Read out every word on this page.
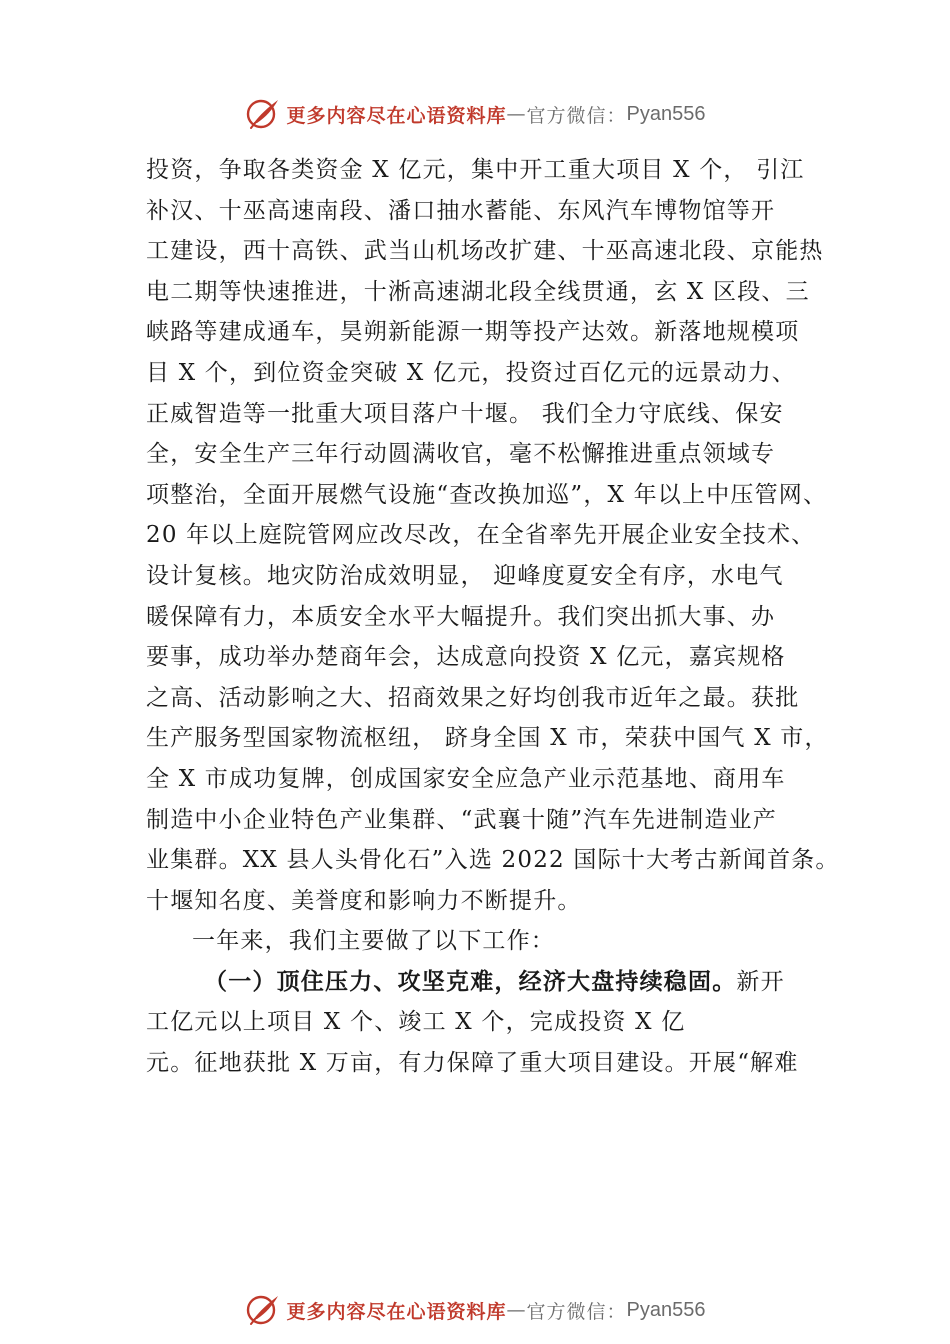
更多内容尽在心语资料库 — 官方微信： Pyan556
投资，争取各类资金 X 亿元，集中开工重大项目 X 个， 引江
补汉、十巫高速南段、潘口抽水蓄能、东风汽车博物馆等开
工建设，西十高铁、武当山机场改扩建、十巫高速北段、京能热
电二期等快速推进，十淅高速湖北段全线贯通，玄 X 区段、三
峡路等建成通车，昊朔新能源一期等投产达效。新落地规模项
目 X 个，到位资金突破 X 亿元，投资过百亿元的远景动力、
正威智造等一批重大项目落户十堰。 我们全力守底线、保安
全，安全生产三年行动圆满收官，毫不松懈推进重点领域专
项整治，全面开展燃气设施“查改换加巡”，X 年以上中压管网、
20 年以上庭院管网应改尽改，在全省率先开展企业安全技术、
设计复核。地灾防治成效明显， 迎峰度夏安全有序，水电气
暖保障有力，本质安全水平大幅提升。我们突出抓大事、办
要事，成功举办楚商年会，达成意向投资 X 亿元，嘉宾规格
之高、活动影响之大、招商效果之好均创我市近年之最。获批
生产服务型国家物流枢纽， 跻身全国 X 市，荣获中国气 X 市，
全 X 市成功复牌，创成国家安全应急产业示范基地、商用车
制造中小企业特色产业集群、“武襄十随”汽车先进制造业产
业集群。XX 县人头骨化石”入选 2022 国际十大考古新闻首条。
十堰知名度、美誉度和影响力不断提升。
一年来，我们主要做了以下工作：
（一）顶住压力、攻坚克难，经济大盘持续稳固。新开
工亿元以上项目 X 个、竣工 X 个，完成投资 X 亿
元。征地获批 X 万亩，有力保障了重大项目建设。开展“解难
更多内容尽在心语资料库 — 官方微信： Pyan556
